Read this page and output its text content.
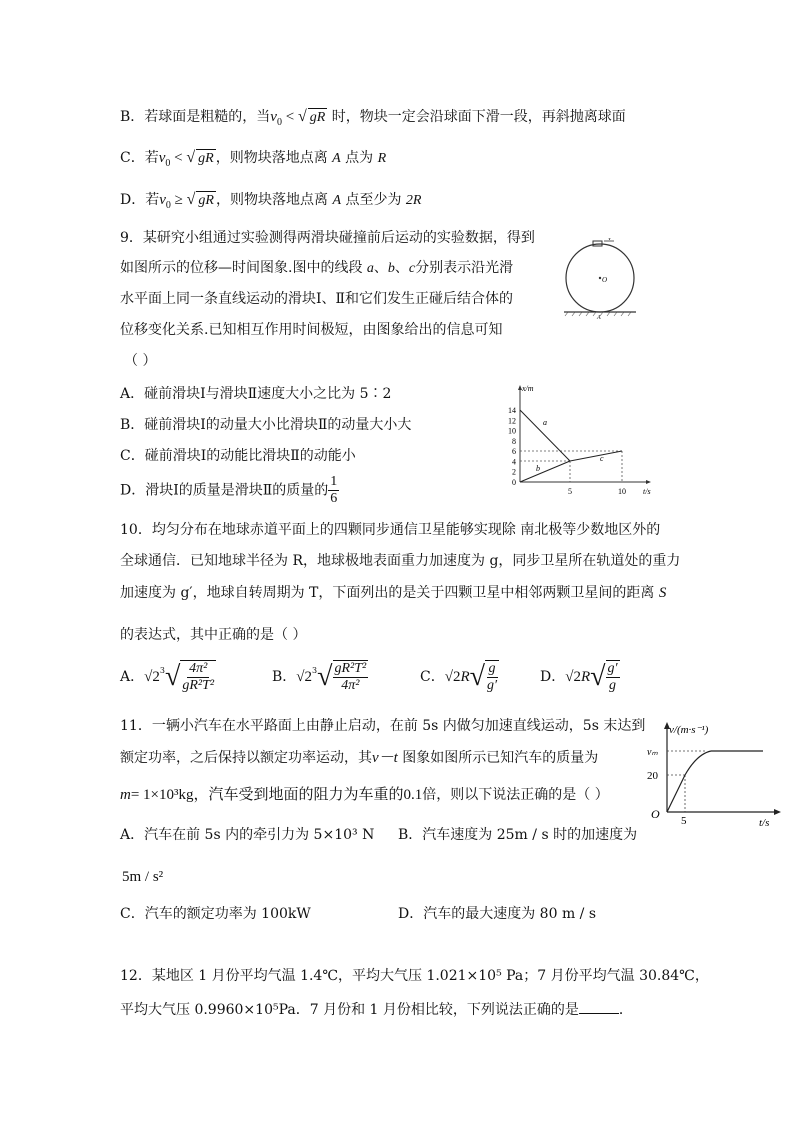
B．若球面是粗糙的，当$v_0$ < √ gR 时，物块一定会沿球面下滑一段，再斜抛离球面
C．若$v_0$ < √ gR ，则物块落地点离 A 点为 R
D．若$v_0$ ≥ √ gR ，则物块落地点离 A 点至少为 2R
9．某研究小组通过实验测得两滑块碰撞前后运动的实验数据，得到
如图所示的位移—时间图象.图中的线段 a、b、c分别表示沿光滑
水平面上同一条直线运动的滑块Ⅰ、Ⅱ和它们发生正碰后结合体的
位移变化关系.已知相互作用时间极短，由图象给出的信息可知
（ ）
v
O
A
A．碰前滑块Ⅰ与滑块Ⅱ速度大小之比为 5∶2
B．碰前滑块Ⅰ的动量大小比滑块Ⅱ的动量大小大
C．碰前滑块Ⅰ的动能比滑块Ⅱ的动能小
D．滑块Ⅰ的质量是滑块Ⅱ的质量的 $\frac{1}{6}$
x/m
t/s
14
12
10
8
6
4
2
0
5	10
a
b
c
10．均匀分布在地球赤道平面上的四颗同步通信卫星能够实现除 南北极等少数地区外的
全球通信．已知地球半径为 R，地球极地表面重力加速度为 g，同步卫星所在轨道处的重力
加速度为 g′，地球自转周期为 T，下面列出的是关于四颗卫星中相邻两颗卫星间的距离 S
的表达式，其中正确的是（ ）
A．$√2^3√ \frac{\text{4π²}}{\text{gR²T²}}$	B．$√2^3√ \frac{\text{gR²T²}}{\text{4π²}}$	C．$√2R√ \frac{g}{g'}$	D．$√2R√ \frac{g'}{g}$
11．一辆小汽车在水平路面上由静止启动，在前 5s 内做匀加速直线运动，5s 末达到
额定功率，之后保持以额定功率运动，其v－t 图象如图所示已知汽车的质量为
m= 1×10³kg，汽车受到地面的阻力为车重的0.1倍，则以下说法正确的是（ ）
A．汽车在前 5s 内的牵引力为 5×10³ N B．汽车速度为 25m / s 时的加速度为
5m / s²
C．汽车的额定功率为 100kW	D．汽车的最大速度为 80 m / s
v/(m·s⁻¹)
vₘ
20
O 5	t/s
12．某地区 1 月份平均气温 1.4℃，平均大气压 1.021×10⁵ Pa；7 月份平均气温 30.84℃，
平均大气压 0.9960×10⁵Pa．7 月份和 1 月份相比较，下列说法正确的是	．
